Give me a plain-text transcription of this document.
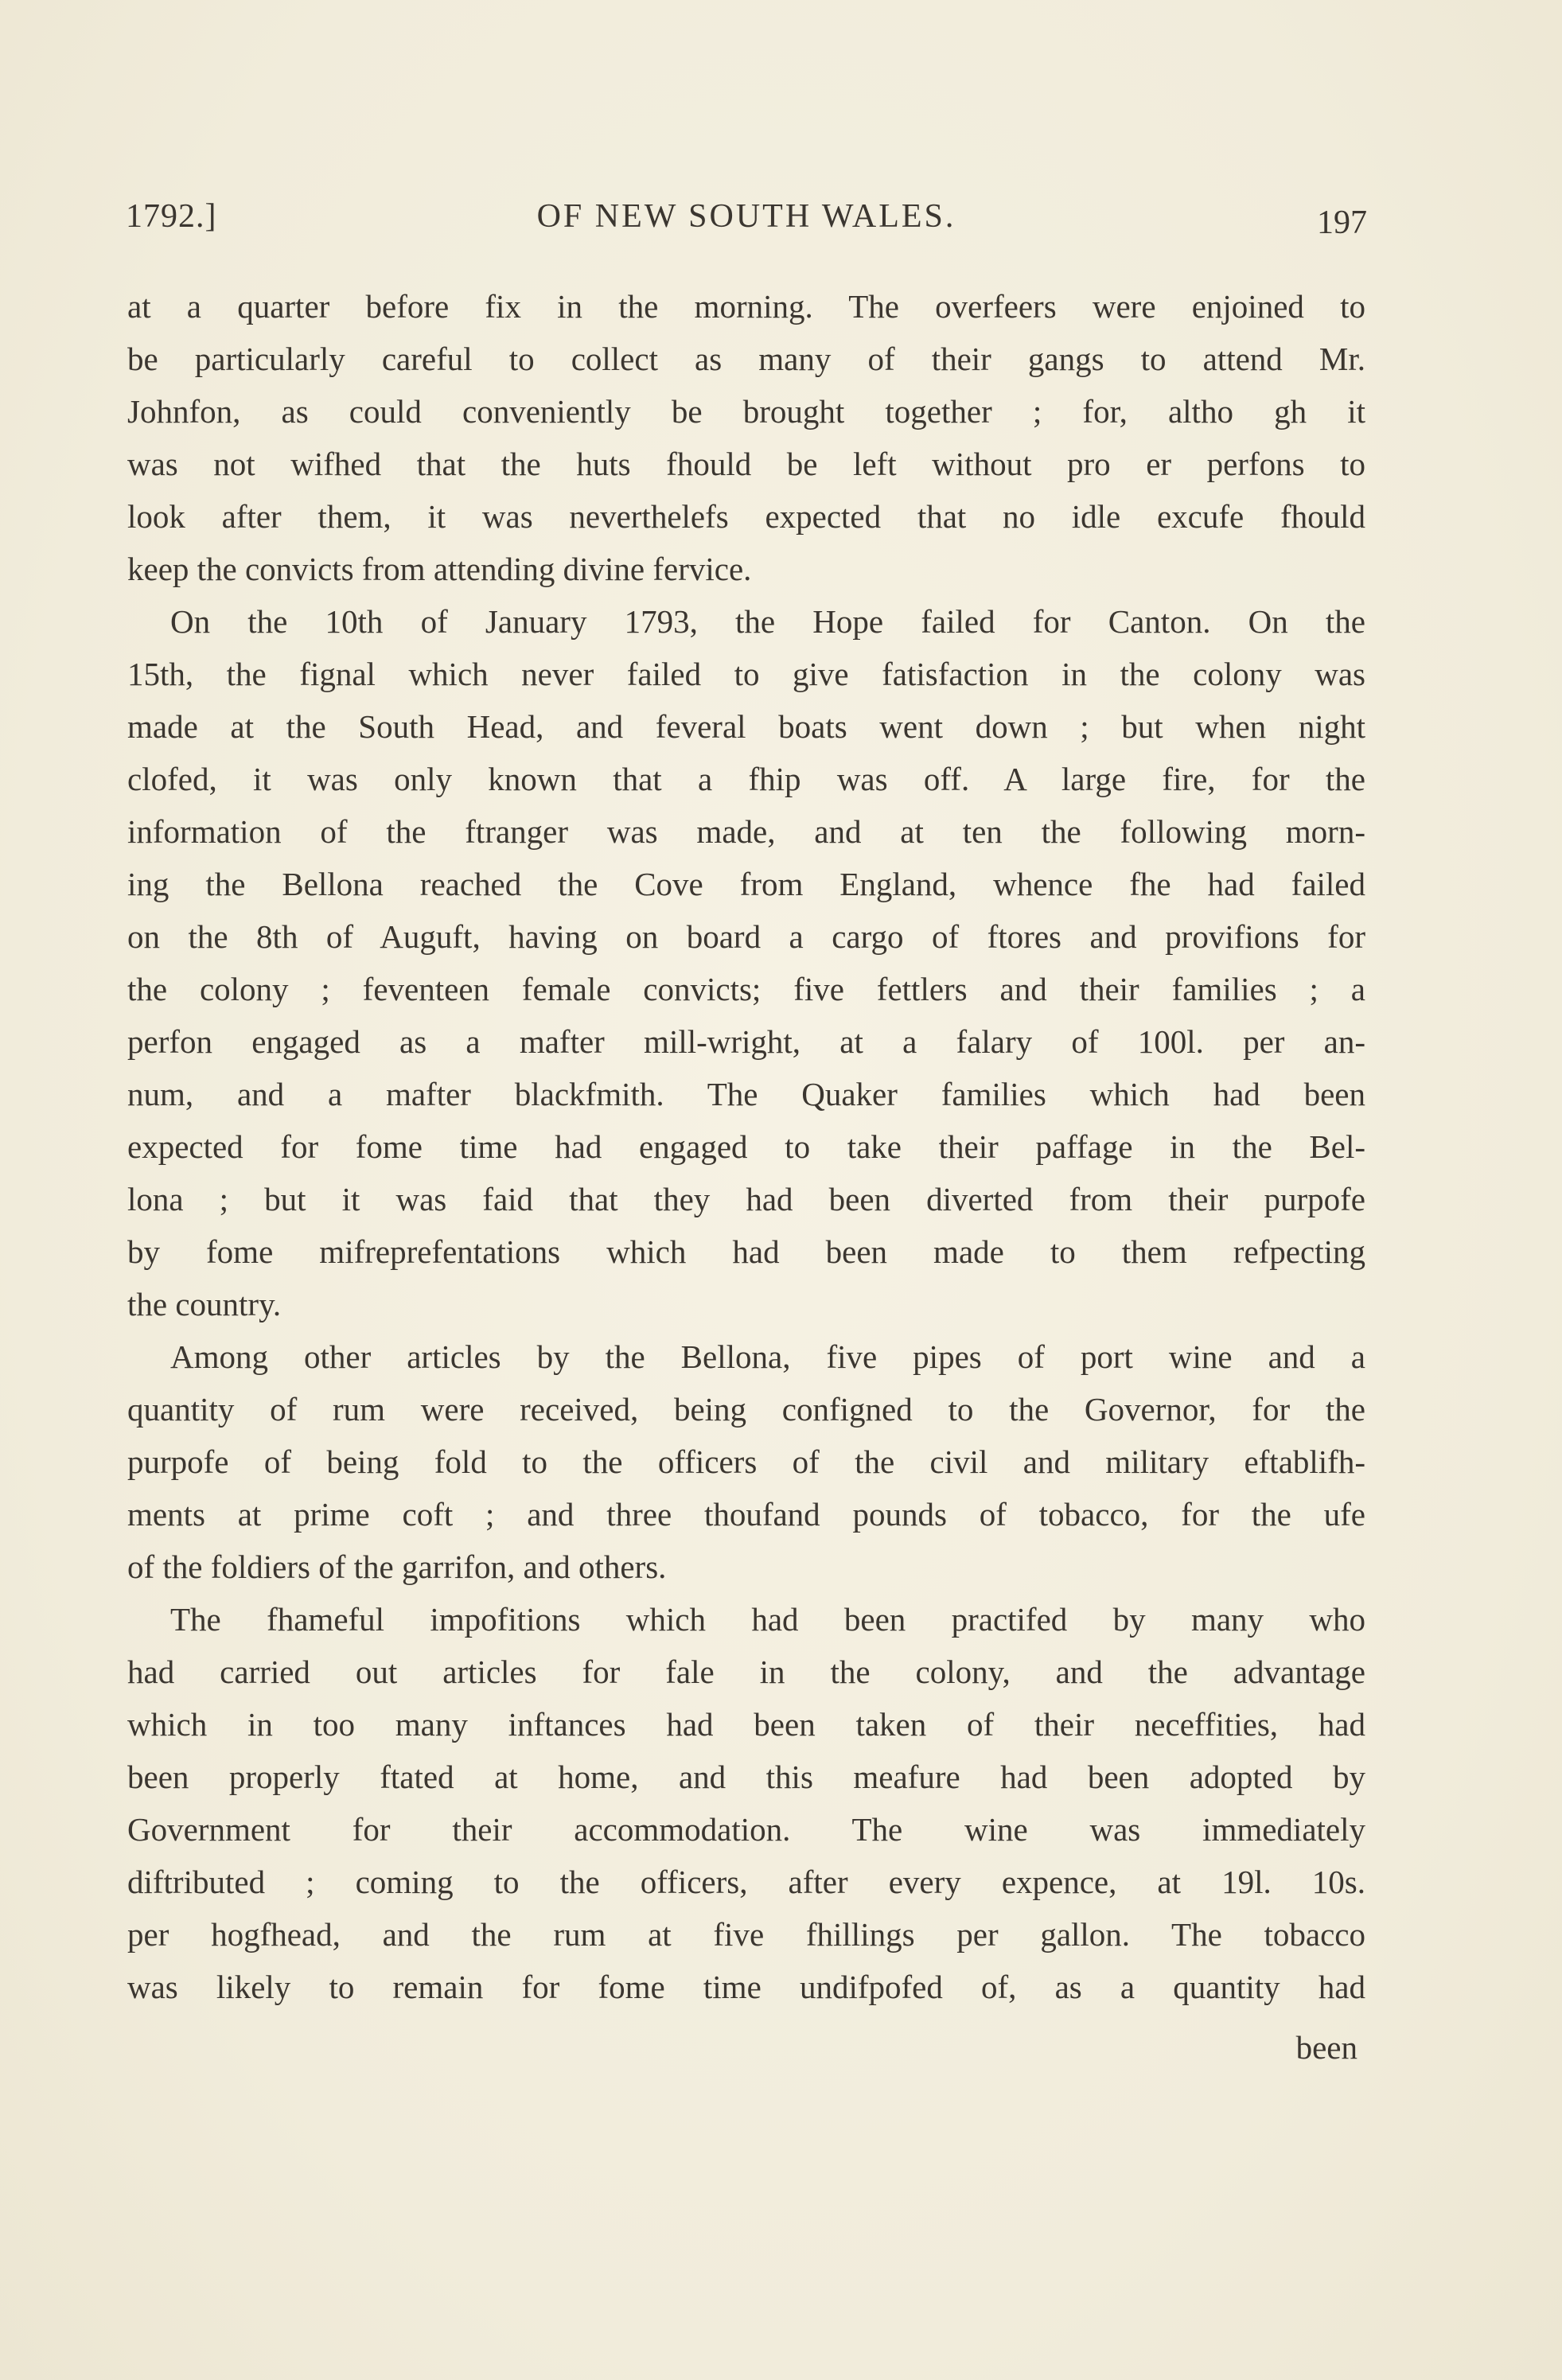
1792.]	OF NEW SOUTH WALES.	197
at a quarter before fix in the morning. The overfeers were enjoined to
be particularly careful to collect as many of their gangs to attend Mr.
Johnfon, as could conveniently be brought together ; for, altho gh it
was not wifhed that the huts fhould be left without pro er perfons to
look after them, it was neverthelefs expected that no idle excufe fhould
keep the convicts from attending divine fervice.
On the 10th of January 1793, the Hope failed for Canton. On the
15th, the fignal which never failed to give fatisfaction in the colony was
made at the South Head, and feveral boats went down ; but when night
clofed, it was only known that a fhip was off. A large fire, for the
information of the ftranger was made, and at ten the following morn-
ing the Bellona reached the Cove from England, whence fhe had failed
on the 8th of Auguft, having on board a cargo of ftores and provifions for
the colony ; feventeen female convicts; five fettlers and their families ; a
perfon engaged as a mafter mill-wright, at a falary of 100l. per an-
num, and a mafter blackfmith. The Quaker families which had been
expected for fome time had engaged to take their paffage in the Bel-
lona ; but it was faid that they had been diverted from their purpofe
by fome mifreprefentations which had been made to them refpecting
the country.
Among other articles by the Bellona, five pipes of port wine and a
quantity of rum were received, being configned to the Governor, for the
purpofe of being fold to the officers of the civil and military eftablifh-
ments at prime coft ; and three thoufand pounds of tobacco, for the ufe
of the foldiers of the garrifon, and others.
The fhameful impofitions which had been practifed by many who
had carried out articles for fale in the colony, and the advantage
which in too many inftances had been taken of their neceffities, had
been properly ftated at home, and this meafure had been adopted by
Government for their accommodation. The wine was immediately
diftributed ; coming to the officers, after every expence, at 19l. 10s.
per hogfhead, and the rum at five fhillings per gallon. The tobacco
was likely to remain for fome time undifpofed of, as a quantity had
been
